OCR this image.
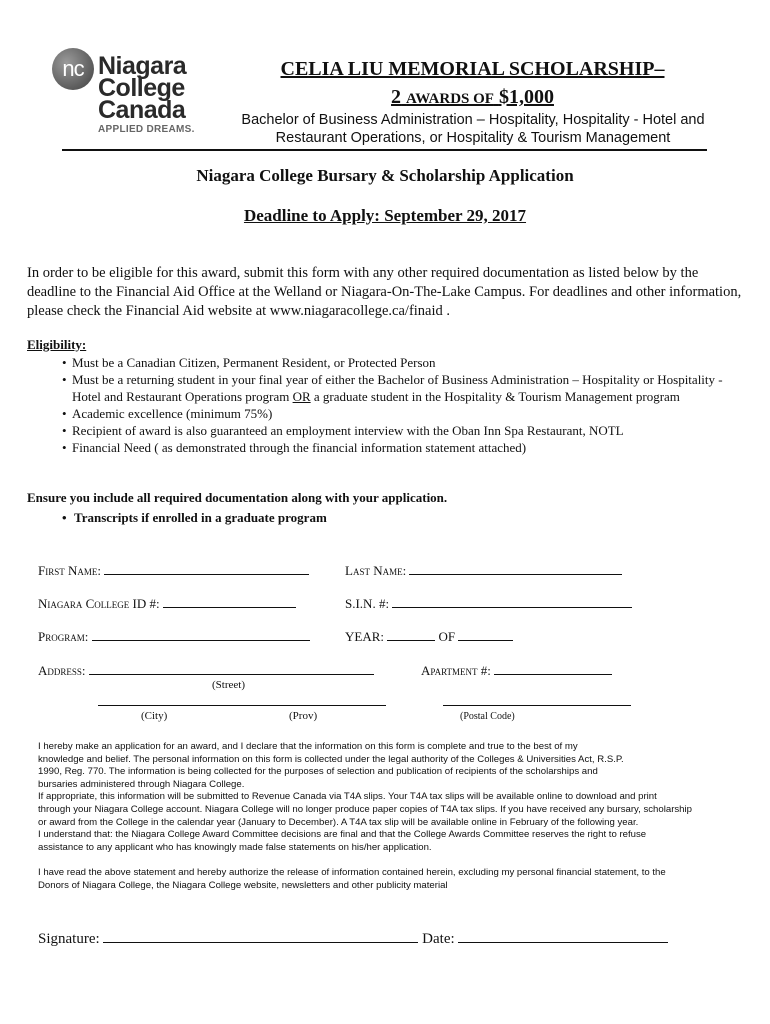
nc Niagara
College
Canada
APPLIED DREAMS.
CELIA LIU MEMORIAL SCHOLARSHIP–
2 AWARDS OF $1,000
Bachelor of Business Administration – Hospitality, Hospitality - Hotel and Restaurant Operations, or Hospitality & Tourism Management
Niagara College Bursary & Scholarship Application
Deadline to Apply: September 29, 2017
In order to be eligible for this award, submit this form with any other required documentation as listed below by the deadline to the Financial Aid Office at the Welland or Niagara-On-The-Lake Campus. For deadlines and other information, please check the Financial Aid website at www.niagaracollege.ca/finaid .
Eligibility:
• Must be a Canadian Citizen, Permanent Resident, or Protected Person
• Must be a returning student in your final year of either the Bachelor of Business Administration – Hospitality or Hospitality - Hotel and Restaurant Operations program OR a graduate student in the Hospitality & Tourism Management program
• Academic excellence (minimum 75%)
• Recipient of award is also guaranteed an employment interview with the Oban Inn Spa Restaurant, NOTL
• Financial Need ( as demonstrated through the financial information statement attached)
Ensure you include all required documentation along with your application.
• Transcripts if enrolled in a graduate program
First Name:	Last Name:
Niagara College ID #:	S.I.N. #:
Program:	YEAR:	OF
Address:	Apartment #:
(Street)
(City)	(Prov)	(Postal Code)
I hereby make an application for an award, and I declare that the information on this form is complete and true to the best of my
knowledge and belief. The personal information on this form is collected under the legal authority of the Colleges & Universities Act, R.S.P.
1990, Reg. 770. The information is being collected for the purposes of selection and publication of recipients of the scholarships and
bursaries administered through Niagara College.
If appropriate, this information will be submitted to Revenue Canada via T4A slips. Your T4A tax slips will be available online to download and print
through your Niagara College account. Niagara College will no longer produce paper copies of T4A tax slips. If you have received any bursary, scholarship
or award from the College in the calendar year (January to December). A T4A tax slip will be available online in February of the following year.
I understand that: the Niagara College Award Committee decisions are final and that the College Awards Committee reserves the right to refuse
assistance to any applicant who has knowingly made false statements on his/her application.
I have read the above statement and hereby authorize the release of information contained herein, excluding my personal financial statement, to the
Donors of Niagara College, the Niagara College website, newsletters and other publicity material
Signature:	Date:
